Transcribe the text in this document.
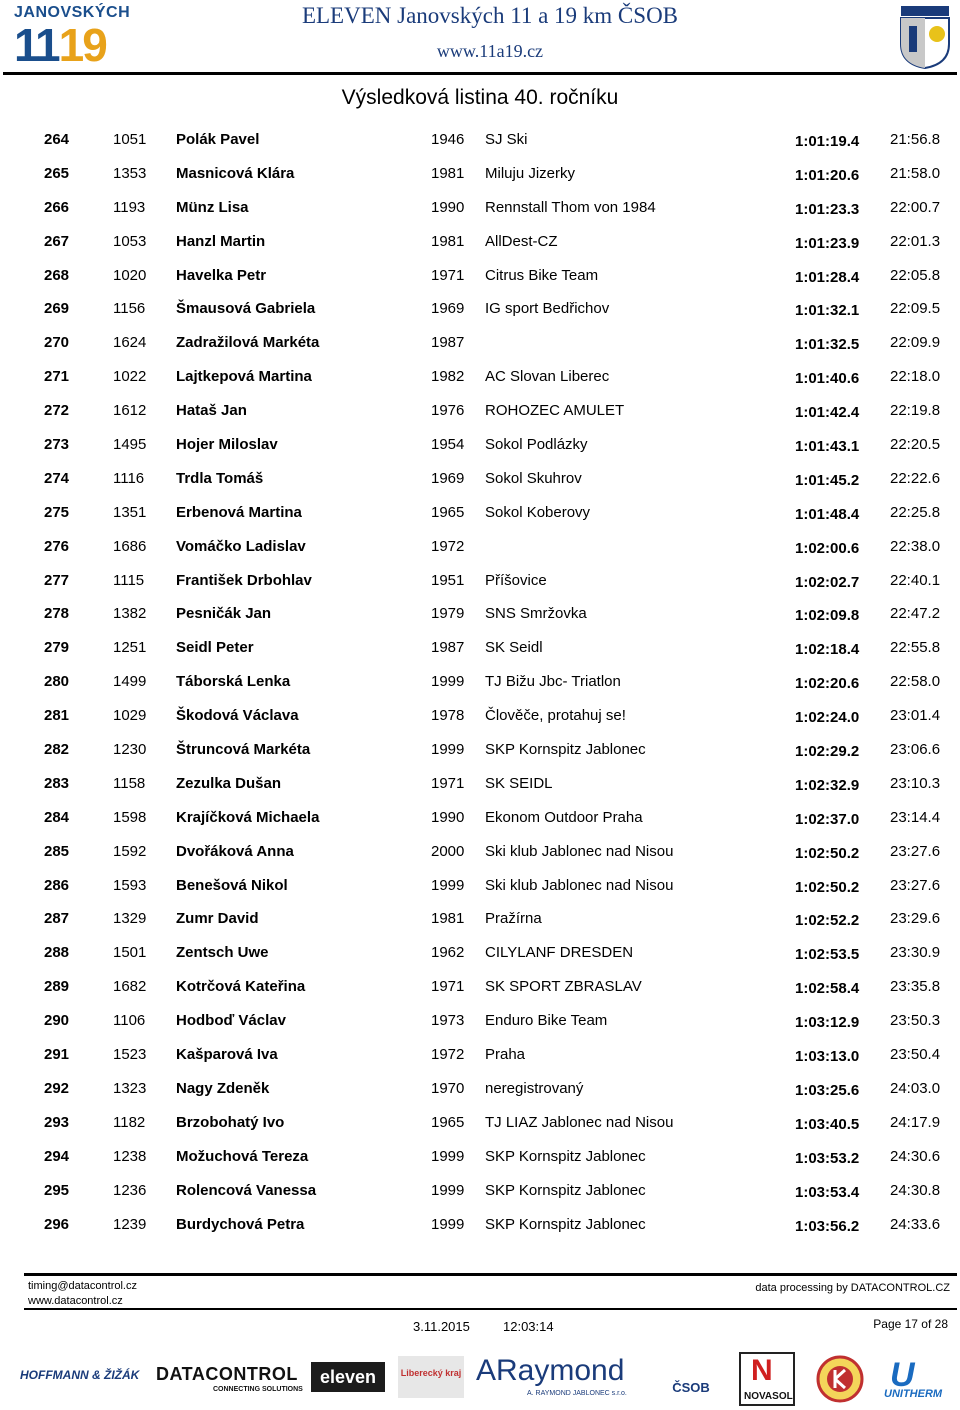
JANOVSKÝCH
1119
ELEVEN Janovských 11 a 19 km ČSOB
www.11a19.cz
Výsledková listina 40. ročníku
264	1051 Polák Pavel	1946 SJ Ski	1:01:19.4 21:56.8
265	1353 Masnicová Klára	1981 Miluju Jizerky	1:01:20.6 21:58.0
266	1193 Münz Lisa	1990 Rennstall Thom von 1984	1:01:23.3 22:00.7
267	1053 Hanzl Martin	1981 AllDest-CZ	1:01:23.9 22:01.3
268	1020 Havelka Petr	1971 Citrus Bike Team	1:01:28.4 22:05.8
269	1156 Šmausová Gabriela	1969 IG sport Bedřichov	1:01:32.1 22:09.5
270	1624 Zadražilová Markéta	1987	1:01:32.5 22:09.9
271	1022 Lajtkepová Martina	1982 AC Slovan Liberec	1:01:40.6 22:18.0
272	1612 Hataš Jan	1976 ROHOZEC AMULET	1:01:42.4 22:19.8
273	1495 Hojer Miloslav	1954 Sokol Podlázky	1:01:43.1 22:20.5
274	1116 Trdla Tomáš	1969 Sokol Skuhrov	1:01:45.2 22:22.6
275	1351 Erbenová Martina	1965 Sokol Koberovy	1:01:48.4 22:25.8
276	1686 Vomáčko Ladislav	1972	1:02:00.6 22:38.0
277	1115 František Drbohlav	1951 Příšovice	1:02:02.7 22:40.1
278	1382 Pesničák Jan	1979 SNS Smržovka	1:02:09.8 22:47.2
279	1251 Seidl Peter	1987 SK Seidl	1:02:18.4 22:55.8
280	1499 Táborská Lenka	1999 TJ Bižu Jbc- Triatlon	1:02:20.6 22:58.0
281	1029 Škodová Václava	1978 Člověče, protahuj se!	1:02:24.0 23:01.4
282	1230 Štruncová Markéta	1999 SKP Kornspitz Jablonec	1:02:29.2 23:06.6
283	1158 Zezulka Dušan	1971 SK SEIDL	1:02:32.9 23:10.3
284	1598 Krajíčková Michaela	1990 Ekonom Outdoor Praha	1:02:37.0 23:14.4
285	1592 Dvořáková Anna	2000 Ski klub Jablonec nad Nisou	1:02:50.2 23:27.6
286	1593 Benešová Nikol	1999 Ski klub Jablonec nad Nisou	1:02:50.2 23:27.6
287	1329 Zumr David	1981 Pražírna	1:02:52.2 23:29.6
288	1501 Zentsch Uwe	1962 CILYLANF DRESDEN	1:02:53.5 23:30.9
289	1682 Kotrčová Kateřina	1971 SK SPORT ZBRASLAV	1:02:58.4 23:35.8
290	1106 Hodboď Václav	1973 Enduro Bike Team	1:03:12.9 23:50.3
291	1523 Kašparová Iva	1972 Praha	1:03:13.0 23:50.4
292	1323 Nagy Zdeněk	1970 neregistrovaný	1:03:25.6 24:03.0
293	1182 Brzobohatý Ivo	1965 TJ LIAZ Jablonec nad Nisou	1:03:40.5 24:17.9
294	1238 Možuchová Tereza	1999 SKP Kornspitz Jablonec	1:03:53.2 24:30.6
295	1236 Rolencová Vanessa	1999 SKP Kornspitz Jablonec	1:03:53.4 24:30.8
296	1239 Burdychová Petra	1999 SKP Kornspitz Jablonec	1:03:56.2 24:33.6
timing@datacontrol.cz
www.datacontrol.cz
data processing by DATACONTROL.CZ
3.11.2015	12:03:14	Page 17 of 28
HOFFMANN & ŽIŽÁK DATACONTROL
CONNECTING SOLUTIONS
eleven	Liberecký kraj ARaymond
A. RAYMOND JABLONEC s.r.o.	ČSOB
N
NOVASOL
U
UNITHERM
